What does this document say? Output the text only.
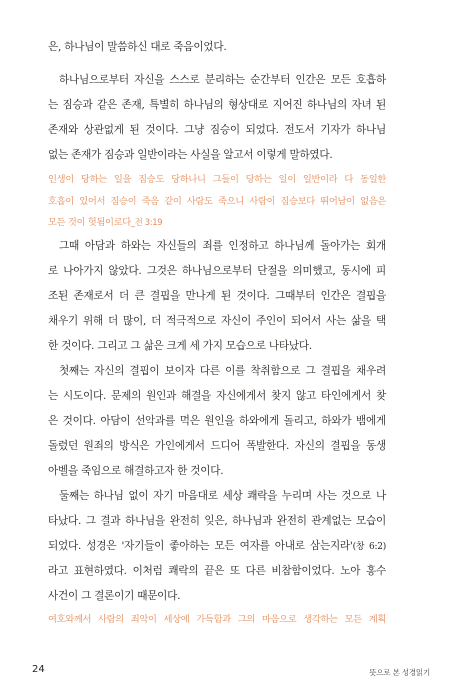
은, 하나님이 말씀하신 대로 죽음이었다.
하나님으로부터 자신을 스스로 분리하는 순간부터 인간은 모든 호흡하
는 짐승과 같은 존재, 특별히 하나님의 형상대로 지어진 하나님의 자녀 된
존재와 상관없게 된 것이다. 그냥 짐승이 되었다. 전도서 기자가 하나님
없는 존재가 짐승과 일반이라는 사실을 알고서 이렇게 말하였다.
인생이 당하는 일을 짐승도 당하나니 그들이 당하는 일이 일반이라 다 동일한
호흡이 있어서 짐승이 죽음 같이 사람도 죽으니 사람이 짐승보다 뛰어남이 없음은
모든 것이 헛됨이로다_전 3:19
그때 아담과 하와는 자신들의 죄를 인정하고 하나님께 돌아가는 회개
로 나아가지 않았다. 그것은 하나님으로부터 단절을 의미했고, 동시에 피
조된 존재로서 더 큰 결핍을 만나게 된 것이다. 그때부터 인간은 결핍을
채우기 위해 더 많이, 더 적극적으로 자신이 주인이 되어서 사는 삶을 택
한 것이다. 그리고 그 삶은 크게 세 가지 모습으로 나타났다.
첫째는 자신의 결핍이 보이자 다른 이를 착취함으로 그 결핍을 채우려
는 시도이다. 문제의 원인과 해결을 자신에게서 찾지 않고 타인에게서 찾
은 것이다. 아담이 선악과를 먹은 원인을 하와에게 돌리고, 하와가 뱀에게
돌렸던 원죄의 방식은 가인에게서 드디어 폭발한다. 자신의 결핍을 동생
아벨을 죽임으로 해결하고자 한 것이다.
둘째는 하나님 없이 자기 마음대로 세상 쾌락을 누리며 사는 것으로 나
타났다. 그 결과 하나님을 완전히 잊은, 하나님과 완전히 관계없는 모습이
되었다. 성경은 '자기들이 좋아하는 모든 여자를 아내로 삼는지라'(창 6:2)
라고 표현하였다. 이처럼 쾌락의 끝은 또 다른 비참함이었다. 노아 홍수
사건이 그 결론이기 때문이다.
여호와께서 사람의 죄악이 세상에 가득함과 그의 마음으로 생각하는 모든 계획
24	뜻으로 본 성경읽기
